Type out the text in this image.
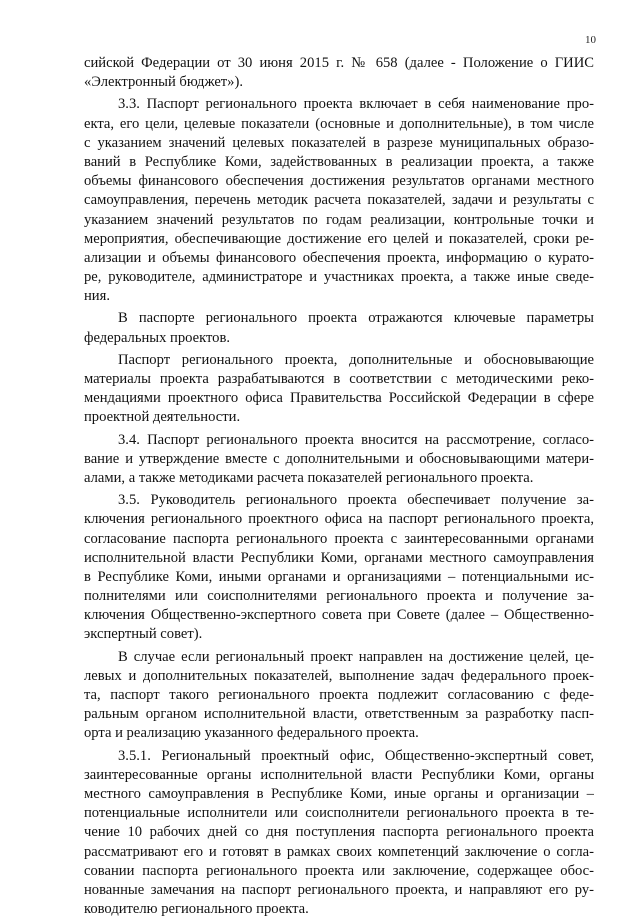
10
сийской Федерации от 30 июня 2015 г. № 658 (далее - Положение о ГИИС
«Электронный бюджет»).
3.3. Паспорт регионального проекта включает в себя наименование про-
екта, его цели, целевые показатели (основные и дополнительные), в том числе
с указанием значений целевых показателей в разрезе муниципальных образо-
ваний в Республике Коми, задействованных в реализации проекта, а также
объемы финансового обеспечения достижения результатов органами местного
самоуправления, перечень методик расчета показателей, задачи и результаты с
указанием значений результатов по годам реализации, контрольные точки и
мероприятия, обеспечивающие достижение его целей и показателей, сроки ре-
ализации и объемы финансового обеспечения проекта, информацию о курато-
ре, руководителе, администраторе и участниках проекта, а также иные сведе-
ния.
В паспорте регионального проекта отражаются ключевые параметры
федеральных проектов.
Паспорт регионального проекта, дополнительные и обосновывающие
материалы проекта разрабатываются в соответствии с методическими реко-
мендациями проектного офиса Правительства Российской Федерации в сфере
проектной деятельности.
3.4. Паспорт регионального проекта вносится на рассмотрение, согласо-
вание и утверждение вместе с дополнительными и обосновывающими матери-
алами, а также методиками расчета показателей регионального проекта.
3.5. Руководитель регионального проекта обеспечивает получение за-
ключения регионального проектного офиса на паспорт регионального проекта,
согласование паспорта регионального проекта с заинтересованными органами
исполнительной власти Республики Коми, органами местного самоуправления
в Республике Коми, иными органами и организациями – потенциальными ис-
полнителями или соисполнителями регионального проекта и получение за-
ключения Общественно-экспертного совета при Совете (далее – Общественно-
экспертный совет).
В случае если региональный проект направлен на достижение целей, це-
левых и дополнительных показателей, выполнение задач федерального проек-
та, паспорт такого регионального проекта подлежит согласованию с феде-
ральным органом исполнительной власти, ответственным за разработку пасп-
орта и реализацию указанного федерального проекта.
3.5.1. Региональный проектный офис, Общественно-экспертный совет,
заинтересованные органы исполнительной власти Республики Коми, органы
местного самоуправления в Республике Коми, иные органы и организации –
потенциальные исполнители или соисполнители регионального проекта в те-
чение 10 рабочих дней со дня поступления паспорта регионального проекта
рассматривают его и готовят в рамках своих компетенций заключение о согла-
совании паспорта регионального проекта или заключение, содержащее обос-
нованные замечания на паспорт регионального проекта, и направляют его ру-
ководителю регионального проекта.
